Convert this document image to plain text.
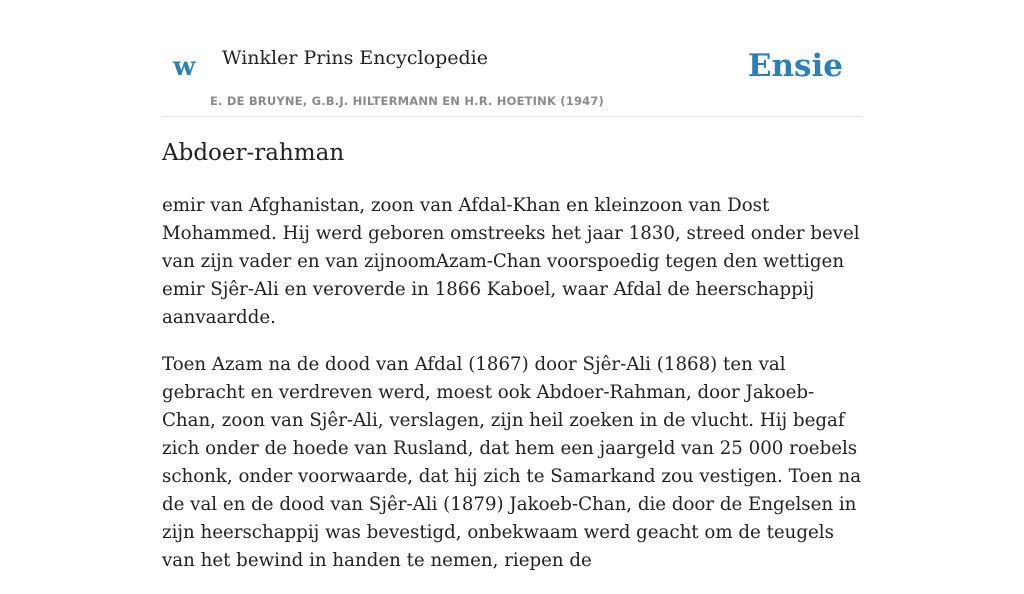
w Winkler Prins Encyclopedie
E. DE BRUYNE, G.B.J. HILTERMANN EN H.R. HOETINK (1947)
Ensie
Abdoer-rahman

emir van Afghanistan, zoon van Afdal-Khan en kleinzoon van Dost Mohammed. Hij werd geboren omstreeks het jaar 1830, streed onder bevel van zijn vader en van zijnoomAzam-Chan voorspoedig tegen den wettigen emir Sjêr-Ali en veroverde in 1866 Kaboel, waar Afdal de heerschappij aanvaardde.

Toen Azam na de dood van Afdal (1867) door Sjêr-Ali (1868) ten val gebracht en verdreven werd, moest ook Abdoer-Rahman, door Jakoeb-Chan, zoon van Sjêr-Ali, verslagen, zijn heil zoeken in de vlucht. Hij begaf zich onder de hoede van Rusland, dat hem een jaargeld van 25 000 roebels schonk, onder voorwaarde, dat hij zich te Samarkand zou vestigen. Toen na de val en de dood van Sjêr-Ali (1879) Jakoeb-Chan, die door de Engelsen in zijn heerschappij was bevestigd, onbekwaam werd geacht om de teugels van het bewind in handen te nemen, riepen de
